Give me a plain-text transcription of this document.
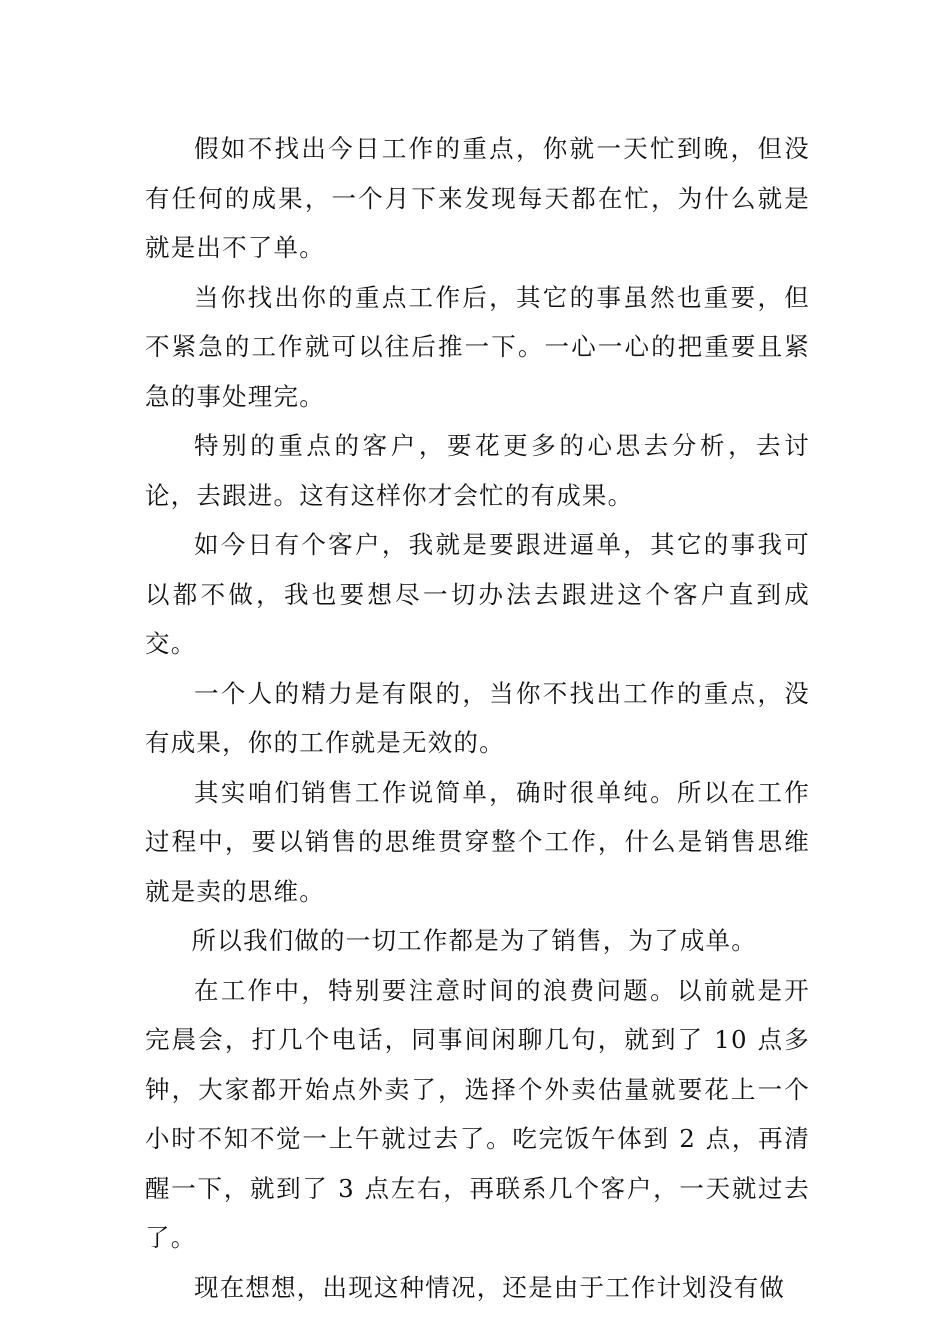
假如不找出今日工作的重点，你就一天忙到晚，但没有任何的成果，一个月下来发现每天都在忙，为什么就是就是出不了单。

当你找出你的重点工作后，其它的事虽然也重要，但不紧急的工作就可以往后推一下。一心一心的把重要且紧急的事处理完。

特别的重点的客户，要花更多的心思去分析，去讨论，去跟进。这有这样你才会忙的有成果。

如今日有个客户，我就是要跟进逼单，其它的事我可以都不做，我也要想尽一切办法去跟进这个客户直到成交。

一个人的精力是有限的，当你不找出工作的重点，没有成果，你的工作就是无效的。

其实咱们销售工作说简单，确时很单纯。所以在工作过程中，要以销售的思维贯穿整个工作，什么是销售思维就是卖的思维。

所以我们做的一切工作都是为了销售，为了成单。

在工作中，特别要注意时间的浪费问题。以前就是开完晨会，打几个电话，同事间闲聊几句，就到了 10 点多钟，大家都开始点外卖了，选择个外卖估量就要花上一个小时不知不觉一上午就过去了。吃完饭午体到 2 点，再清醒一下，就到了 3 点左右，再联系几个客户，一天就过去了。

现在想想，出现这种情况，还是由于工作计划没有做
